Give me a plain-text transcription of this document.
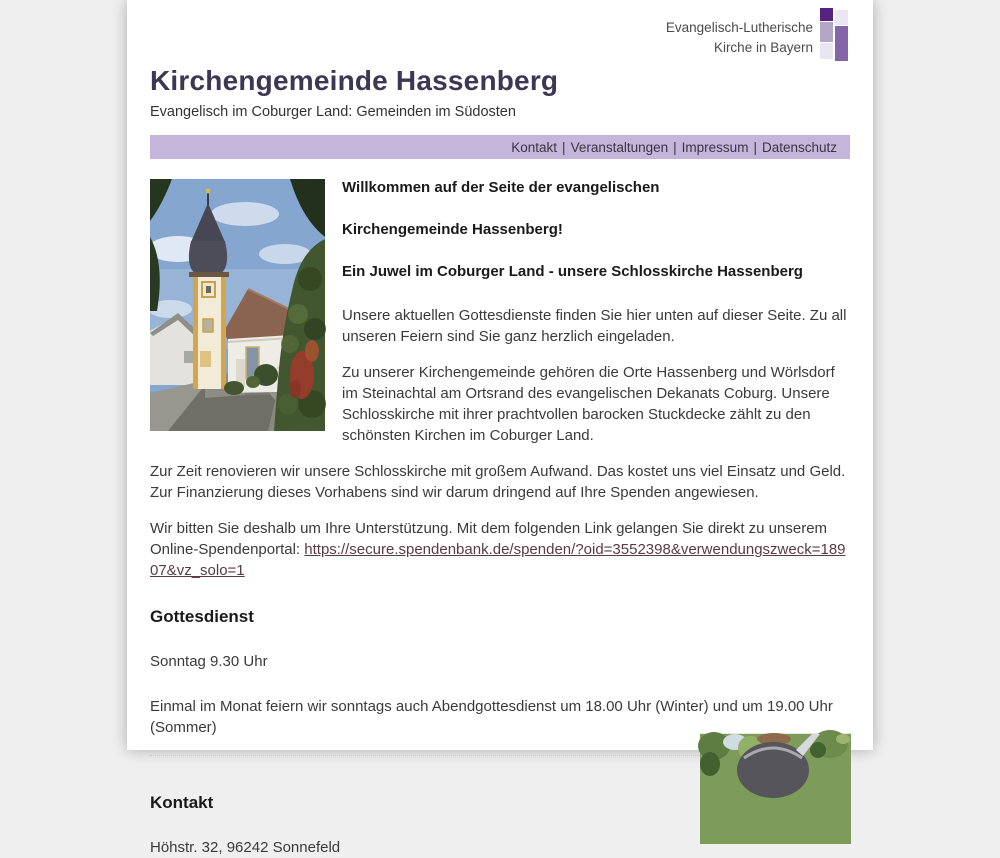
Evangelisch-Lutherische
Kirche in Bayern
Kirchengemeinde Hassenberg
Evangelisch im Coburger Land: Gemeinden im Südosten
Kontakt | Veranstaltungen | Impressum | Datenschutz

Willkommen auf der Seite der evangelischen

Kirchengemeinde Hassenberg!

Ein Juwel im Coburger Land - unsere Schlosskirche Hassenberg

Unsere aktuellen Gottesdienste finden Sie hier unten auf dieser Seite. Zu all unseren Feiern sind Sie ganz herzlich eingeladen.

Zu unserer Kirchengemeinde gehören die Orte Hassenberg und Wörlsdorf im Steinachtal am Ortsrand des evangelischen Dekanats Coburg. Unsere Schlosskirche mit ihrer prachtvollen barocken Stuckdecke zählt zu den schönsten Kirchen im Coburger Land.

Zur Zeit renovieren wir unsere Schlosskirche mit großem Aufwand. Das kostet uns viel Einsatz und Geld. Zur Finanzierung dieses Vorhabens sind wir darum dringend auf Ihre Spenden angewiesen.

Wir bitten Sie deshalb um Ihre Unterstützung. Mit dem folgenden Link gelangen Sie direkt zu unserem Online-Spendenportal: https://secure.spendenbank.de/spenden/?oid=3552398&verwendungszweck=18907&vz_solo=1

Gottesdienst

Sonntag 9.30 Uhr

Einmal im Monat feiern wir sonntags auch Abendgottesdienst um 18.00 Uhr (Winter) und um 19.00 Uhr (Sommer)

Kontakt

Höhstr. 32, 96242 Sonnefeld
